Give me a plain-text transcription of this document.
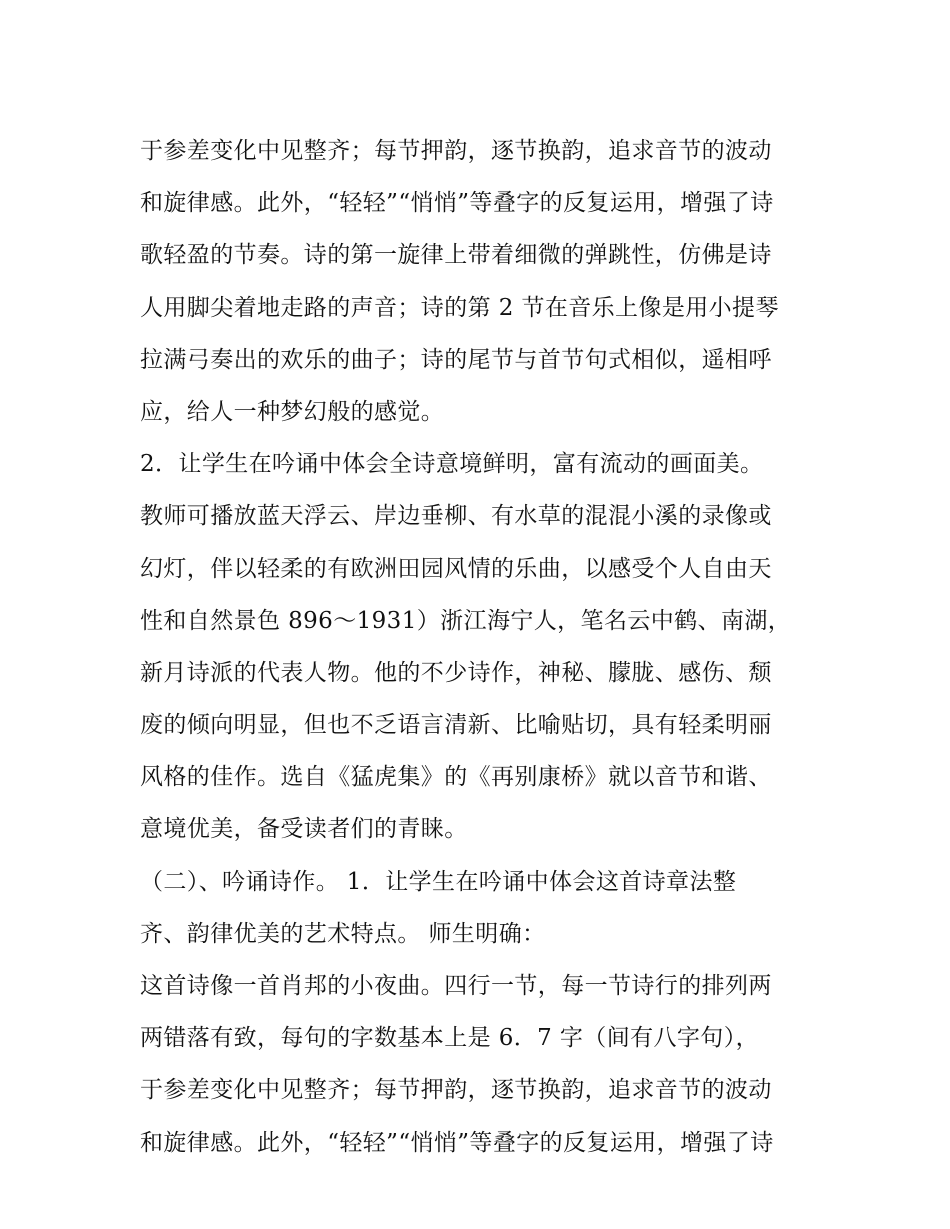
于参差变化中见整齐；每节押韵，逐节换韵，追求音节的波动
和旋律感。此外，“轻轻”“悄悄”等叠字的反复运用，增强了诗
歌轻盈的节奏。诗的第一旋律上带着细微的弹跳性，仿佛是诗
人用脚尖着地走路的声音；诗的第 2 节在音乐上像是用小提琴
拉满弓奏出的欢乐的曲子；诗的尾节与首节句式相似，遥相呼
应，给人一种梦幻般的感觉。
2．让学生在吟诵中体会全诗意境鲜明，富有流动的画面美。
教师可播放蓝天浮云、岸边垂柳、有水草的混混小溪的录像或
幻灯，伴以轻柔的有欧洲田园风情的乐曲，以感受个人自由天
性和自然景色 896～1931）浙江海宁人，笔名云中鹤、南湖，
新月诗派的代表人物。他的不少诗作，神秘、朦胧、感伤、颓
废的倾向明显，但也不乏语言清新、比喻贴切，具有轻柔明丽
风格的佳作。选自《猛虎集》的《再别康桥》就以音节和谐、
意境优美，备受读者们的青睐。
（二）、吟诵诗作。 1．让学生在吟诵中体会这首诗章法整
齐、韵律优美的艺术特点。 师生明确：
这首诗像一首肖邦的小夜曲。四行一节，每一节诗行的排列两
两错落有致，每句的字数基本上是 6．7 字（间有八字句），
于参差变化中见整齐；每节押韵，逐节换韵，追求音节的波动
和旋律感。此外，“轻轻”“悄悄”等叠字的反复运用，增强了诗
